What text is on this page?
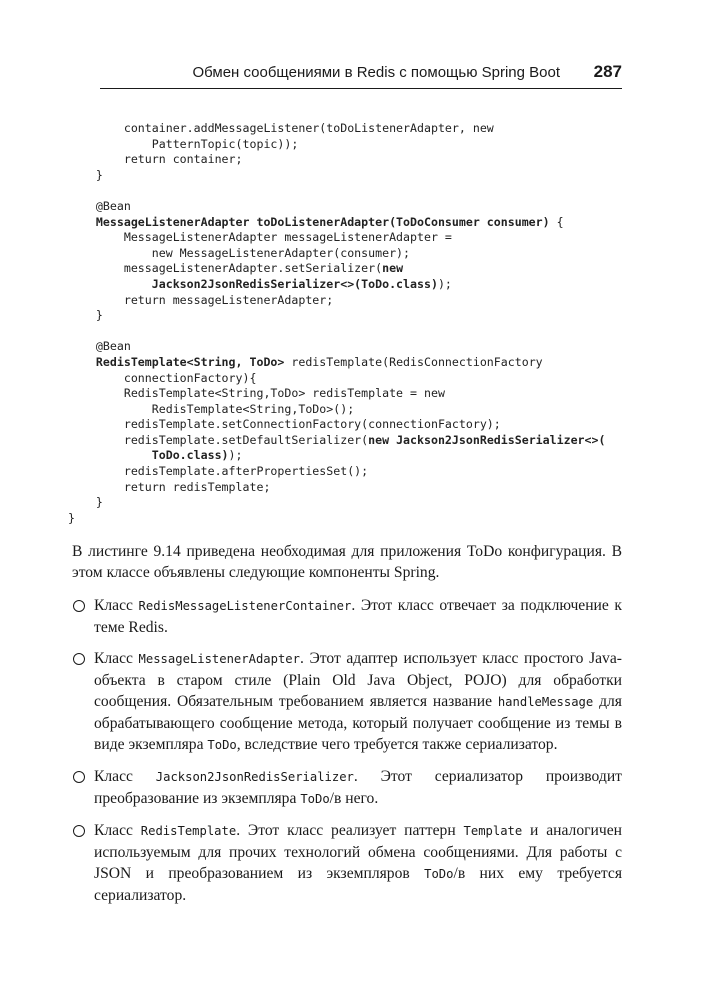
Обмен сообщениями в Redis с помощью Spring Boot 287
container.addMessageListener(toDoListenerAdapter, new
PatternTopic(topic));
return container;
}

@Bean
MessageListenerAdapter toDoListenerAdapter(ToDoConsumer consumer) {
MessageListenerAdapter messageListenerAdapter =
new MessageListenerAdapter(consumer);
messageListenerAdapter.setSerializer(new
Jackson2JsonRedisSerializer<>(ToDo.class));
return messageListenerAdapter;
}

@Bean
RedisTemplate<String, ToDo> redisTemplate(RedisConnectionFactory
connectionFactory){
RedisTemplate<String,ToDo> redisTemplate = new
RedisTemplate<String,ToDo>();
redisTemplate.setConnectionFactory(connectionFactory);
redisTemplate.setDefaultSerializer(new Jackson2JsonRedisSerializer<>(
ToDo.class));
redisTemplate.afterPropertiesSet();
return redisTemplate;
}
}

В листинге 9.14 приведена необходимая для приложения ToDo конфигурация. В этом классе объявлены следующие компоненты Spring.

Класс RedisMessageListenerContainer. Этот класс отвечает за подключение к теме Redis.
Класс MessageListenerAdapter. Этот адаптер использует класс простого Java-объекта в старом стиле (Plain Old Java Object, POJO) для обработки сообщения. Обязательным требованием является название handleMessage для обрабатывающего сообщение метода, который получает сообщение из темы в виде экземпляра ToDo, вследствие чего требуется также сериализатор.
Класс Jackson2JsonRedisSerializer. Этот сериализатор производит преобразование из экземпляра ToDo/в него.
Класс RedisTemplate. Этот класс реализует паттерн Template и аналогичен используемым для прочих технологий обмена сообщениями. Для работы с JSON и преобразованием из экземпляров ToDo/в них ему требуется сериализатор.
